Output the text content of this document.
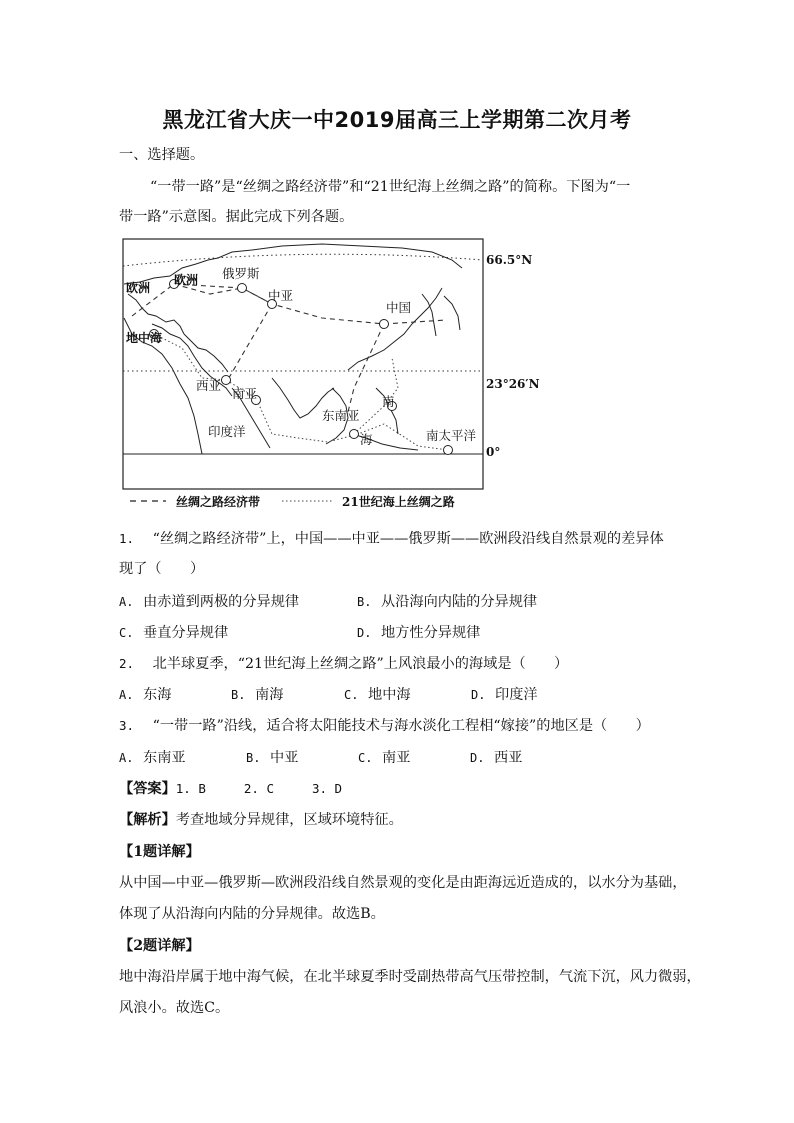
黑龙江省大庆一中2019届高三上学期第二次月考
一、选择题。
“一带一路”是“丝绸之路经济带”和“21世纪海上丝绸之路”的简称。下图为“一
带一路”示意图。据此完成下列各题。
欧洲
欧洲 俄罗斯
中亚
中国
地中海
西亚
南亚
东南亚
南
海
印度洋	南太平洋
66.5°N
23°26′N
0°
丝绸之路经济带	21世纪海上丝绸之路
1. “丝绸之路经济带”上，中国——中亚——俄罗斯——欧洲段沿线自然景观的差异体
现了（　　）
A. 由赤道到两极的分异规律	B. 从沿海向内陆的分异规律
C. 垂直分异规律	D. 地方性分异规律
2. 北半球夏季，“21世纪海上丝绸之路”上风浪最小的海域是（　　）
A. 东海	B. 南海	C. 地中海	D. 印度洋
3. “一带一路”沿线，适合将太阳能技术与海水淡化工程相“嫁接”的地区是（　　）
A. 东南亚	B. 中亚	C. 南亚	D. 西亚
【答案】1. B	2. C	3. D
【解析】考查地域分异规律，区域环境特征。
【1题详解】
从中国—中亚—俄罗斯—欧洲段沿线自然景观的变化是由距海远近造成的，以水分为基础，
体现了从沿海向内陆的分异规律。故选B。
【2题详解】
地中海沿岸属于地中海气候，在北半球夏季时受副热带高气压带控制，气流下沉，风力微弱，
风浪小。故选C。
